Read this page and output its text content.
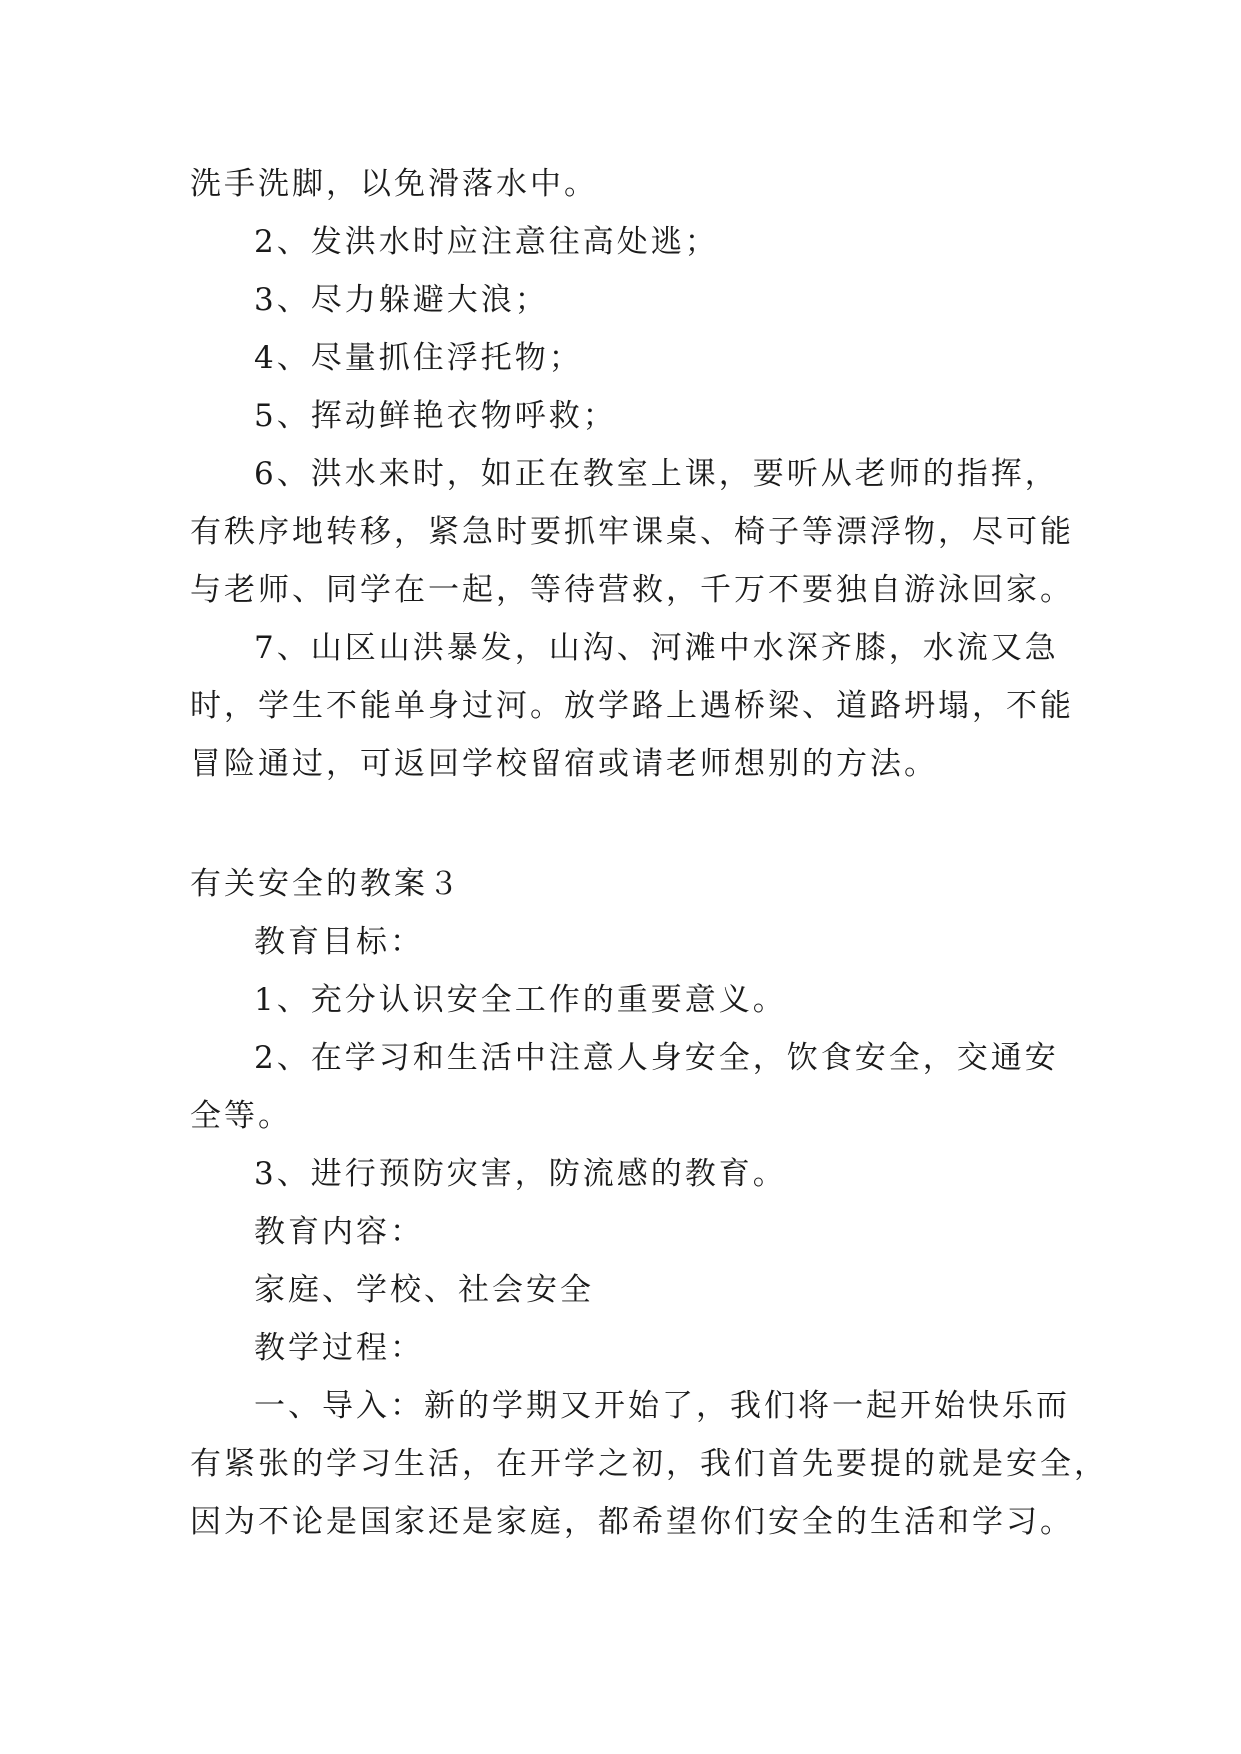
洗手洗脚，以免滑落水中。
2、发洪水时应注意往高处逃；
3、尽力躲避大浪；
4、尽量抓住浮托物；
5、挥动鲜艳衣物呼救；
6、洪水来时，如正在教室上课，要听从老师的指挥，
有秩序地转移，紧急时要抓牢课桌、椅子等漂浮物，尽可能
与老师、同学在一起，等待营救，千万不要独自游泳回家。
7、山区山洪暴发，山沟、河滩中水深齐膝，水流又急
时，学生不能单身过河。放学路上遇桥梁、道路坍塌，不能
冒险通过，可返回学校留宿或请老师想别的方法。
有关安全的教案３
教育目标：
1、充分认识安全工作的重要意义。
2、在学习和生活中注意人身安全，饮食安全，交通安
全等。
3、进行预防灾害，防流感的教育。
教育内容：
家庭、学校、社会安全
教学过程：
一、导入：新的学期又开始了，我们将一起开始快乐而
有紧张的学习生活，在开学之初，我们首先要提的就是安全，
因为不论是国家还是家庭，都希望你们安全的生活和学习。
